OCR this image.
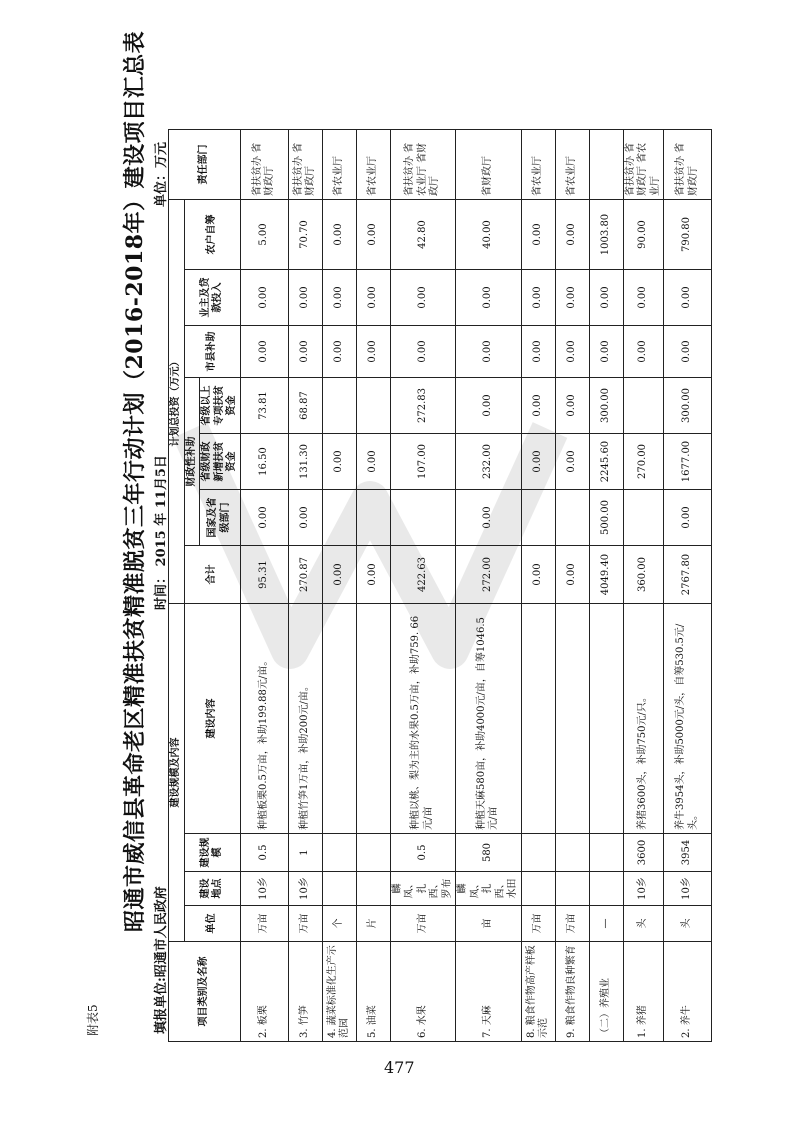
附表5
昭通市威信县革命老区精准扶贫精准脱贫三年行动计划（2016-2018年）建设项目汇总表
填报单位:昭通市人民政府
时间： 2015 年 11月5日
单位：万元
项目类别及名称	建设规模及内容				计划总投资（万元）							责任部门
	单位	建设地点	建设规模	建设内容	合计	财政性补助			市县补助	业主及贷款投入	农户自筹	
						国家及省级部门	省级财政新增扶贫资金	省级以上专项扶贫资金				

2. 板栗	万亩	10乡	0.5	种植板栗0.5万亩，补助199.88元/亩。	95.31	0.00	16.50	73.81	0.00	0.00	5.00	省扶贫办 省财政厅
3. 竹笋	万亩	10乡	1	种植竹笋1万亩，补助200元/亩。	270.87	0.00	131.30	68.87	0.00	0.00	70.70	省扶贫办 省财政厅
4. 蔬菜标准化生产示范园	个				0.00		0.00		0.00	0.00	0.00	省农业厅
5. 油菜	片				0.00		0.00		0.00	0.00	0.00	省农业厅
6. 水果	万亩	麟凤、扎西、罗布	0.5	种植以桃、梨为主的水果0.5万亩，补助759. 66元/亩	422.63		107.00	272.83	0.00	0.00	42.80	省扶贫办 省农业厅 省财政厅
7. 天麻	亩	麟凤、扎西、水田	580	种植天麻580亩，补助4000元/亩，自筹1046.5元/亩	272.00	0.00	232.00	0.00	0.00	0.00	40.00	省财政厅
8. 粮食作物高产样板示范	万亩				0.00		0.00	0.00	0.00	0.00	0.00	省农业厅
9. 粮食作物良种繁育	万亩				0.00		0.00	0.00	0.00	0.00	0.00	省农业厅
（二）养殖业	—				4049.40	500.00	2245.60	300.00	0.00	0.00	1003.80	
1. 养猪	头	10乡	3600	养猪3600头，补助750元/只。	360.00		270.00		0.00	0.00	90.00	省扶贫办 省财政厅 省农业厅
2. 养牛	头	10乡	3954	养牛3954头，补助5000元/头，自筹530.5元/头。	2767.80	0.00	1677.00	300.00	0.00	0.00	790.80	省扶贫办 省财政厅
477
